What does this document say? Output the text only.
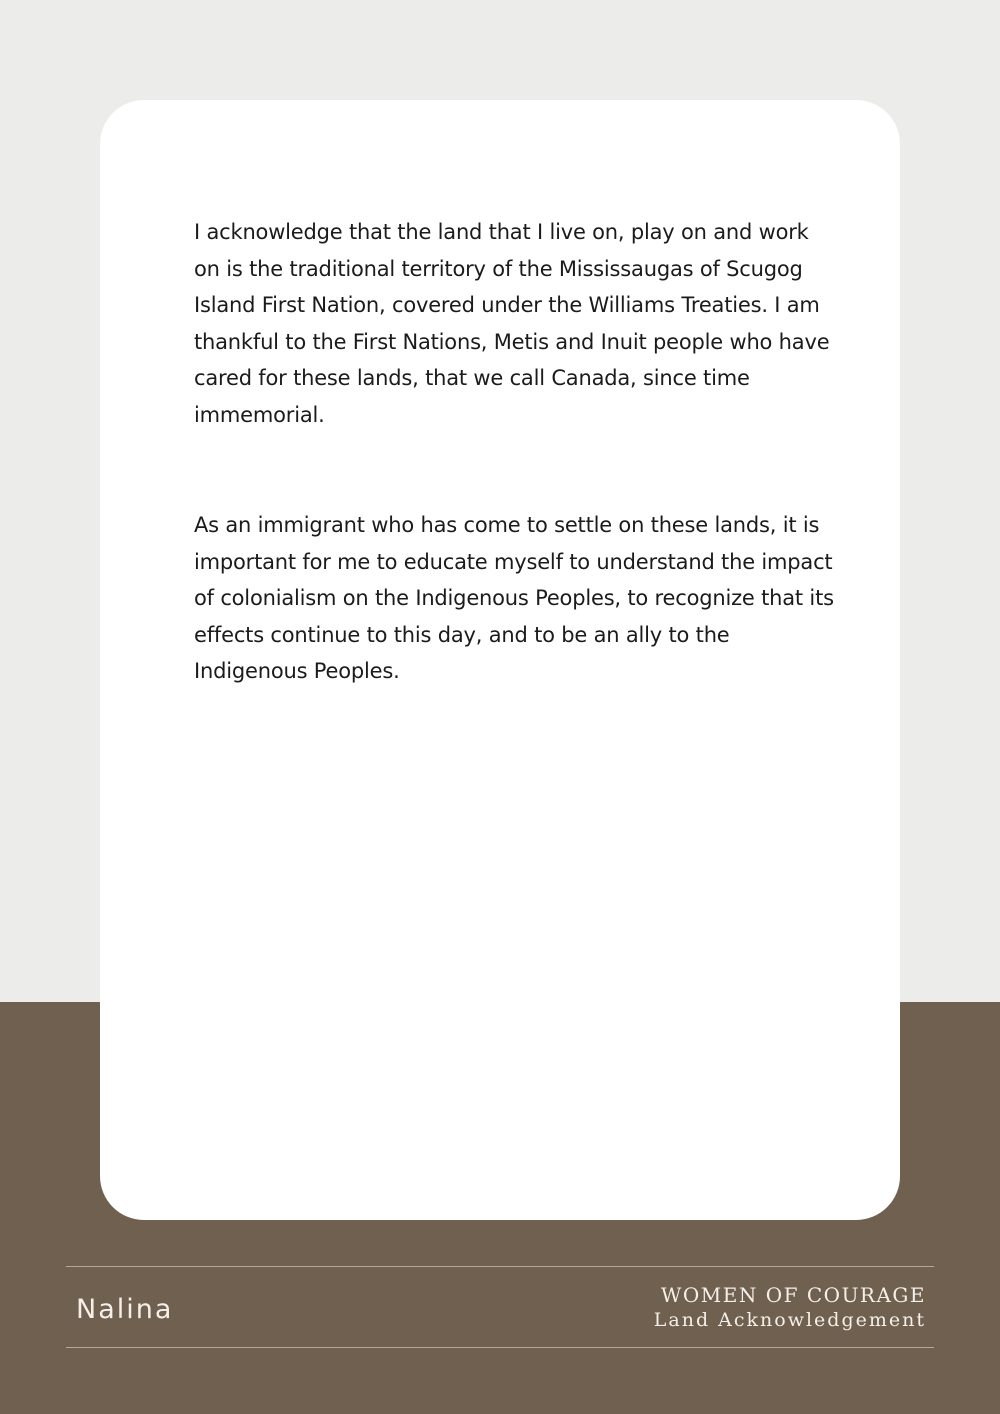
I acknowledge that the land that I live on, play on and work on is the traditional territory of the Mississaugas of Scugog Island First Nation, covered under the Williams Treaties. I am thankful to the First Nations, Metis and Inuit people who have cared for these lands, that we call Canada, since time immemorial.

As an immigrant who has come to settle on these lands, it is important for me to educate myself to understand the impact of colonialism on the Indigenous Peoples, to recognize that its effects continue to this day, and to be an ally to the Indigenous Peoples.

Nalina	WOMEN OF COURAGE
Land Acknowledgement
